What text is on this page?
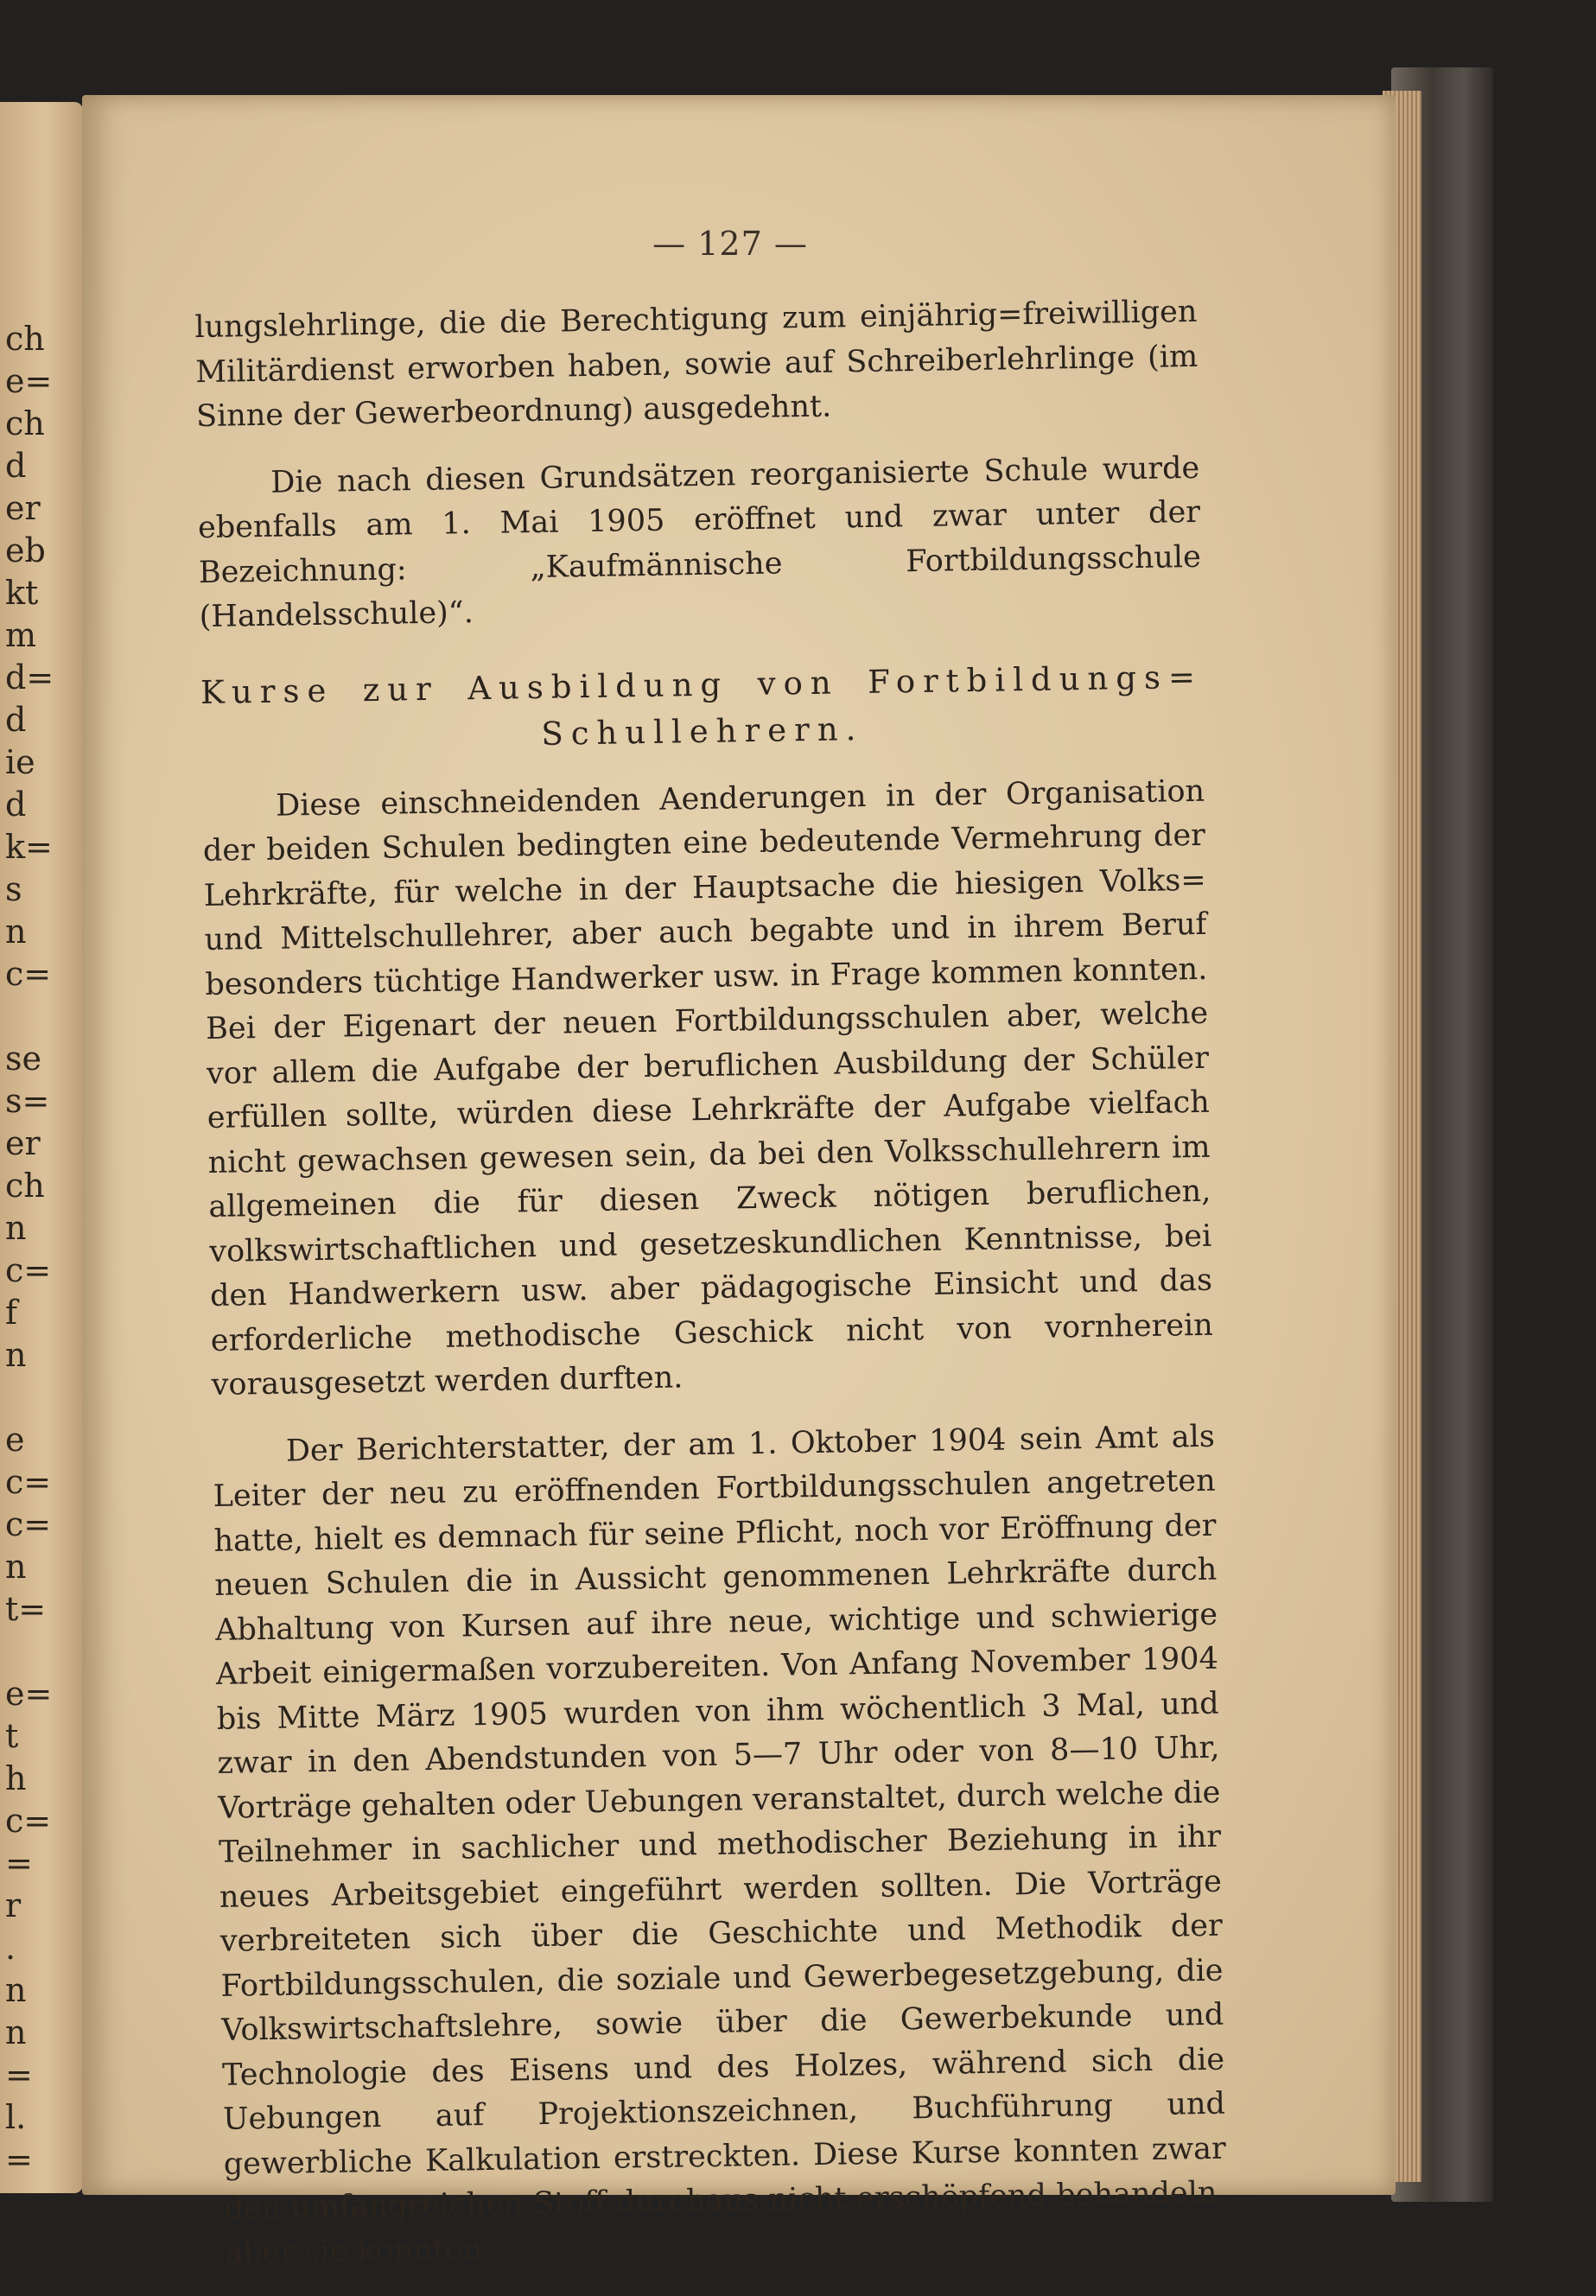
ch
e=
ch
d
er
eb
kt
m
d=
d
ie
d
k=
s
n
c=
se
s=
er
ch
n
c=
f
n
e
c=
c=
n
t=
e=
t
h
c=
=
r
.
n
n
=
l.
=
— 127 —

lungslehrlinge, die die Berechtigung zum einjährig=freiwilligen Militärdienst erworben haben, sowie auf Schreiberlehrlinge (im Sinne der Gewerbeordnung) ausgedehnt.

Die nach diesen Grundsätzen reorganisierte Schule wurde ebenfalls am 1. Mai 1905 eröffnet und zwar unter der Bezeichnung: „Kaufmännische Fortbildungsschule (Handelsschule)“.

Kurse zur Ausbildung von Fortbildungs=
Schullehrern.

Diese einschneidenden Aenderungen in der Organisation der beiden Schulen bedingten eine bedeutende Vermehrung der Lehrkräfte, für welche in der Hauptsache die hiesigen Volks= und Mittelschullehrer, aber auch begabte und in ihrem Beruf besonders tüchtige Handwerker usw. in Frage kommen konnten. Bei der Eigenart der neuen Fortbildungsschulen aber, welche vor allem die Aufgabe der beruflichen Ausbildung der Schüler erfüllen sollte, würden diese Lehrkräfte der Aufgabe vielfach nicht gewachsen gewesen sein, da bei den Volksschullehrern im allgemeinen die für diesen Zweck nötigen beruflichen, volkswirtschaftlichen und gesetzeskundlichen Kenntnisse, bei den Handwerkern usw. aber pädagogische Einsicht und das erforderliche methodische Geschick nicht von vornherein vorausgesetzt werden durften.

Der Berichterstatter, der am 1. Oktober 1904 sein Amt als Leiter der neu zu eröffnenden Fortbildungsschulen angetreten hatte, hielt es demnach für seine Pflicht, noch vor Eröffnung der neuen Schulen die in Aussicht genommenen Lehrkräfte durch Abhaltung von Kursen auf ihre neue, wichtige und schwierige Arbeit einigermaßen vorzubereiten. Von Anfang November 1904 bis Mitte März 1905 wurden von ihm wöchentlich 3 Mal, und zwar in den Abendstunden von 5—7 Uhr oder von 8—10 Uhr, Vorträge gehalten oder Uebungen veranstaltet, durch welche die Teilnehmer in sachlicher und methodischer Beziehung in ihr neues Arbeitsgebiet eingeführt werden sollten. Die Vorträge verbreiteten sich über die Geschichte und Methodik der Fortbildungsschulen, die soziale und Gewerbegesetzgebung, die Volkswirtschaftslehre, sowie über die Gewerbekunde und Technologie des Eisens und des Holzes, während sich die Uebungen auf Projektionszeichnen, Buchführung und gewerbliche Kalkulation erstreckten. Diese Kurse konnten zwar den umfangreichen Stoff durchaus nicht erschöpfend behandeln, aber sie konnten
